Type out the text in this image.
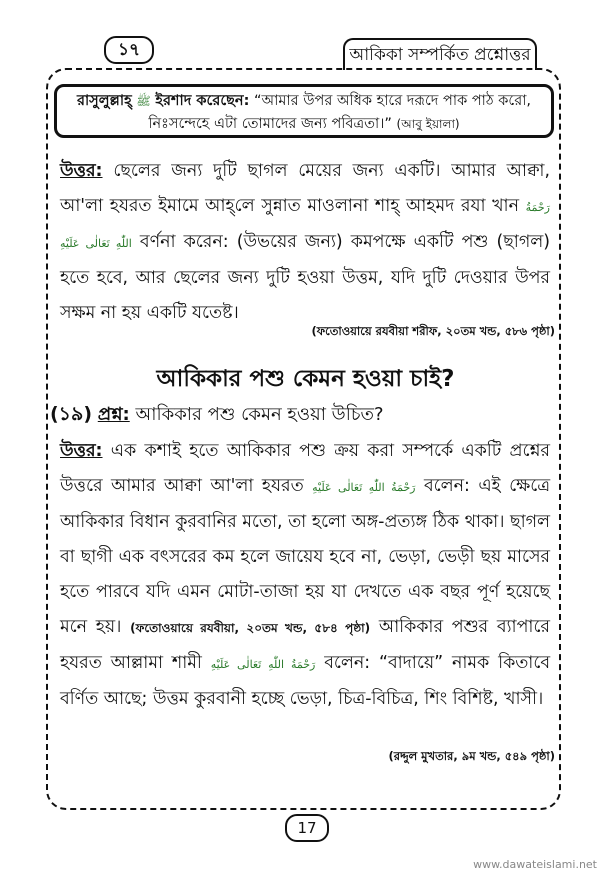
১৭	আকিকা সম্পর্কিত প্রশ্নোত্তর
রাসুলুল্লাহ্ ﷺ ইরশাদ করেছেন: “আমার উপর অধিক হারে দরূদে পাক পাঠ করো, নিঃসন্দেহে এটা তোমাদের জন্য পবিত্রতা।” (আবু ইয়ালা)

উত্তর: ছেলের জন্য দুটি ছাগল মেয়ের জন্য একটি। আমার আক্বা, আ'লা হযরত ইমামে আহ্‌লে সুন্নাত মাওলানা শাহ্ আহমদ রযা খান رَحْمَةُ اللّٰهِ تَعَالٰی عَلَیْهِ বর্ণনা করেন: (উভয়ের জন্য) কমপক্ষে একটি পশু (ছাগল) হতে হবে, আর ছেলের জন্য দুটি হওয়া উত্তম, যদি দুটি দেওয়ার উপর সক্ষম না হয় একটি যতেষ্ট।

(ফতোওয়ায়ে রযবীয়া শরীফ, ২০তম খন্ড, ৫৮৬ পৃষ্ঠা)

আকিকার পশু কেমন হওয়া চাই?

(১৯) প্রশ্ন: আকিকার পশু কেমন হওয়া উচিত?

উত্তর: এক কশাই হতে আকিকার পশু ক্রয় করা সম্পর্কে একটি প্রশ্নের উত্তরে আমার আক্বা আ'লা হযরত رَحْمَةُ اللّٰهِ تَعَالٰی عَلَیْهِ বলেন: এই ক্ষেত্রে আকিকার বিধান কুরবানির মতো, তা হলো অঙ্গ-প্রত্যঙ্গ ঠিক থাকা। ছাগল বা ছাগী এক বৎসরের কম হলে জায়েয হবে না, ভেড়া, ভেড়ী ছয় মাসের হতে পারবে যদি এমন মোটা-তাজা হয় যা দেখতে এক বছর পূর্ণ হয়েছে মনে হয়। (ফতোওয়ায়ে রযবীয়া, ২০তম খন্ড, ৫৮৪ পৃষ্ঠা) আকিকার পশুর ব্যাপারে হযরত আল্লামা শামী رَحْمَةُ اللّٰهِ تَعَالٰی عَلَیْهِ বলেন: “বাদায়ে” নামক কিতাবে বর্ণিত আছে; উত্তম কুরবানী হচ্ছে ভেড়া, চিত্র-বিচিত্র, শিং বিশিষ্ট, খাসী।

(রদ্দুল মুখতার, ৯ম খন্ড, ৫৪৯ পৃষ্ঠা)

17
www.dawateislami.net
